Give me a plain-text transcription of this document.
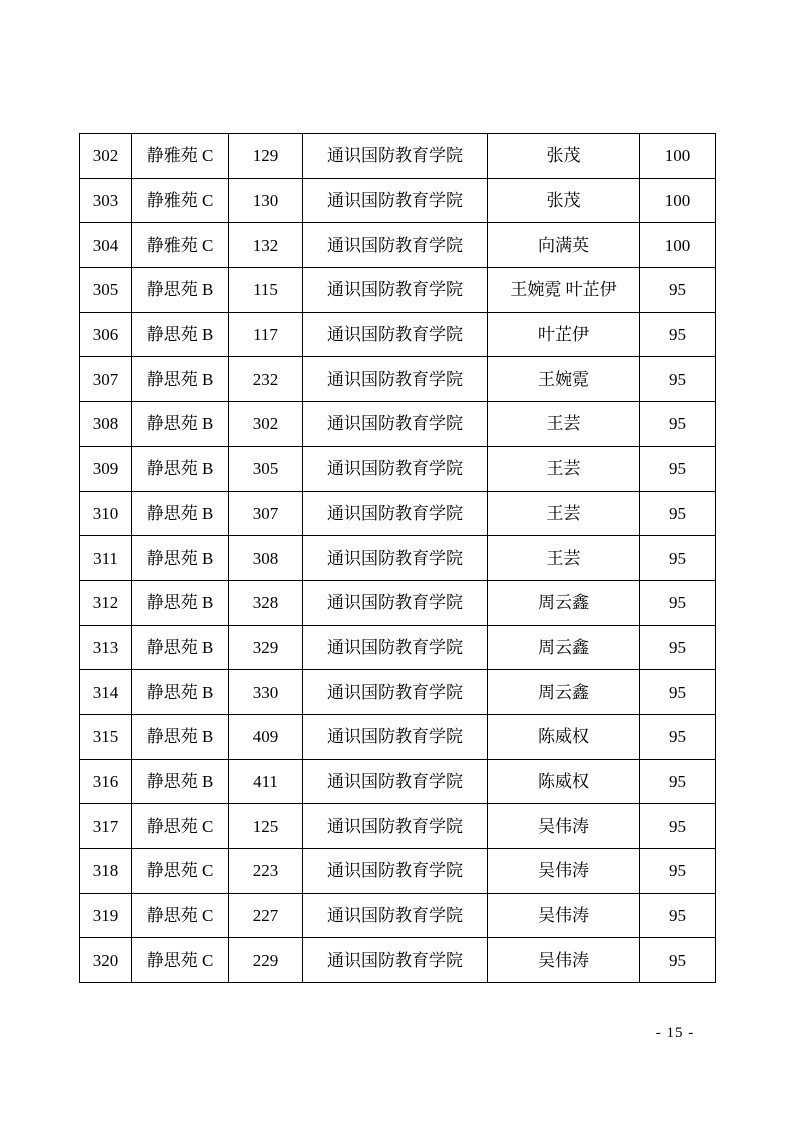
302	静雅苑 C	129	通识国防教育学院	张茂	100
303	静雅苑 C	130	通识国防教育学院	张茂	100
304	静雅苑 C	132	通识国防教育学院	向满英	100
305	静思苑 B	115	通识国防教育学院	王婉霓 叶芷伊	95
306	静思苑 B	117	通识国防教育学院	叶芷伊	95
307	静思苑 B	232	通识国防教育学院	王婉霓	95
308	静思苑 B	302	通识国防教育学院	王芸	95
309	静思苑 B	305	通识国防教育学院	王芸	95
310	静思苑 B	307	通识国防教育学院	王芸	95
311	静思苑 B	308	通识国防教育学院	王芸	95
312	静思苑 B	328	通识国防教育学院	周云鑫	95
313	静思苑 B	329	通识国防教育学院	周云鑫	95
314	静思苑 B	330	通识国防教育学院	周云鑫	95
315	静思苑 B	409	通识国防教育学院	陈威权	95
316	静思苑 B	411	通识国防教育学院	陈威权	95
317	静思苑 C	125	通识国防教育学院	吴伟涛	95
318	静思苑 C	223	通识国防教育学院	吴伟涛	95
319	静思苑 C	227	通识国防教育学院	吴伟涛	95
320	静思苑 C	229	通识国防教育学院	吴伟涛	95
- 15 -
